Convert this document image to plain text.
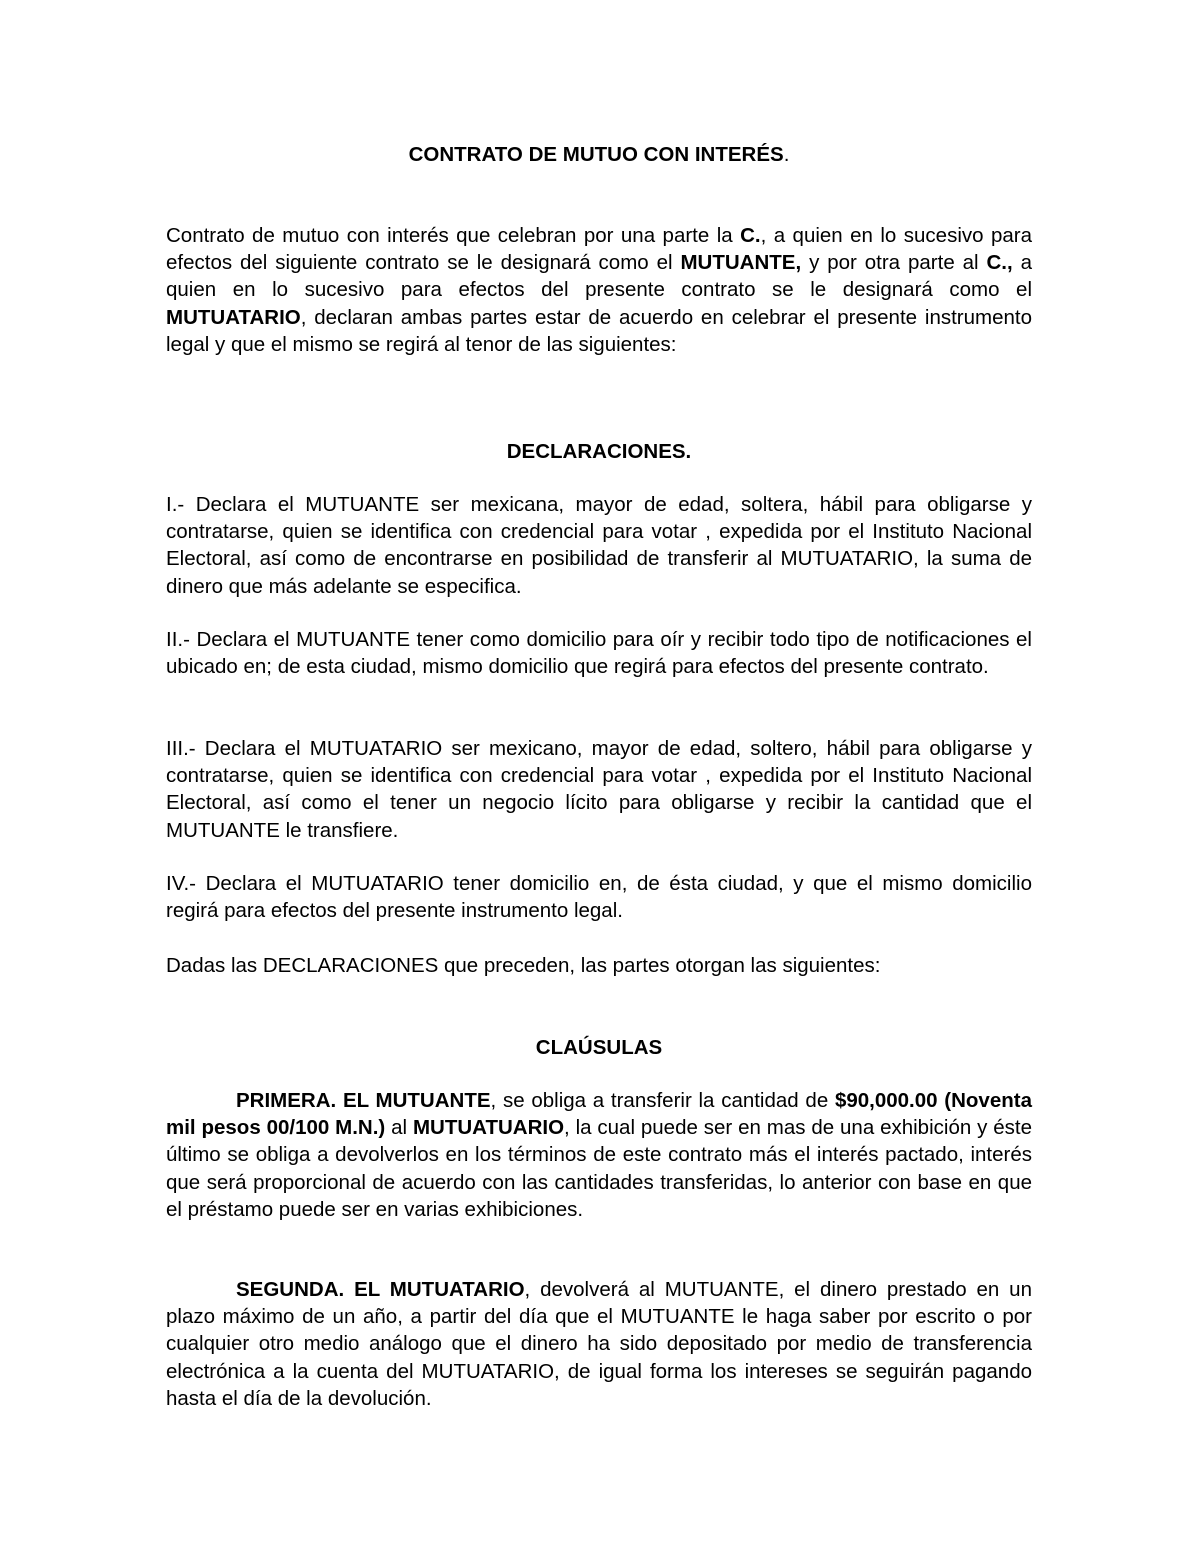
CONTRATO DE MUTUO CON INTERÉS.

Contrato de mutuo con interés que celebran por una parte la C., a quien en lo sucesivo para efectos del siguiente contrato se le designará como el MUTUANTE, y por otra parte al C., a quien en lo sucesivo para efectos del presente contrato se le designará como el MUTUATARIO, declaran ambas partes estar de acuerdo en celebrar el presente instrumento legal y que el mismo se regirá al tenor de las siguientes:

DECLARACIONES.

I.- Declara el MUTUANTE ser mexicana, mayor de edad, soltera, hábil para obligarse y contratarse, quien se identifica con credencial para votar , expedida por el Instituto Nacional Electoral, así como de encontrarse en posibilidad de transferir al MUTUATARIO, la suma de dinero que más adelante se especifica.

II.- Declara el MUTUANTE tener como domicilio para oír y recibir todo tipo de notificaciones el ubicado en; de esta ciudad, mismo domicilio que regirá para efectos del presente contrato.

III.- Declara el MUTUATARIO ser mexicano, mayor de edad, soltero, hábil para obligarse y contratarse, quien se identifica con credencial para votar , expedida por el Instituto Nacional Electoral, así como el tener un negocio lícito para obligarse y recibir la cantidad que el MUTUANTE le transfiere.

IV.- Declara el MUTUATARIO tener domicilio en, de ésta ciudad, y que el mismo domicilio regirá para efectos del presente instrumento legal.

Dadas las DECLARACIONES que preceden, las partes otorgan las siguientes:

CLAÚSULAS

PRIMERA. EL MUTUANTE, se obliga a transferir la cantidad de $90,000.00 (Noventa mil pesos 00/100 M.N.) al MUTUATUARIO, la cual puede ser en mas de una exhibición y éste último se obliga a devolverlos en los términos de este contrato más el interés pactado, interés que será proporcional de acuerdo con las cantidades transferidas, lo anterior con base en que el préstamo puede ser en varias exhibiciones.

SEGUNDA. EL MUTUATARIO, devolverá al MUTUANTE, el dinero prestado en un plazo máximo de un año, a partir del día que el MUTUANTE le haga saber por escrito o por cualquier otro medio análogo que el dinero ha sido depositado por medio de transferencia electrónica a la cuenta del MUTUATARIO, de igual forma los intereses se seguirán pagando hasta el día de la devolución.
